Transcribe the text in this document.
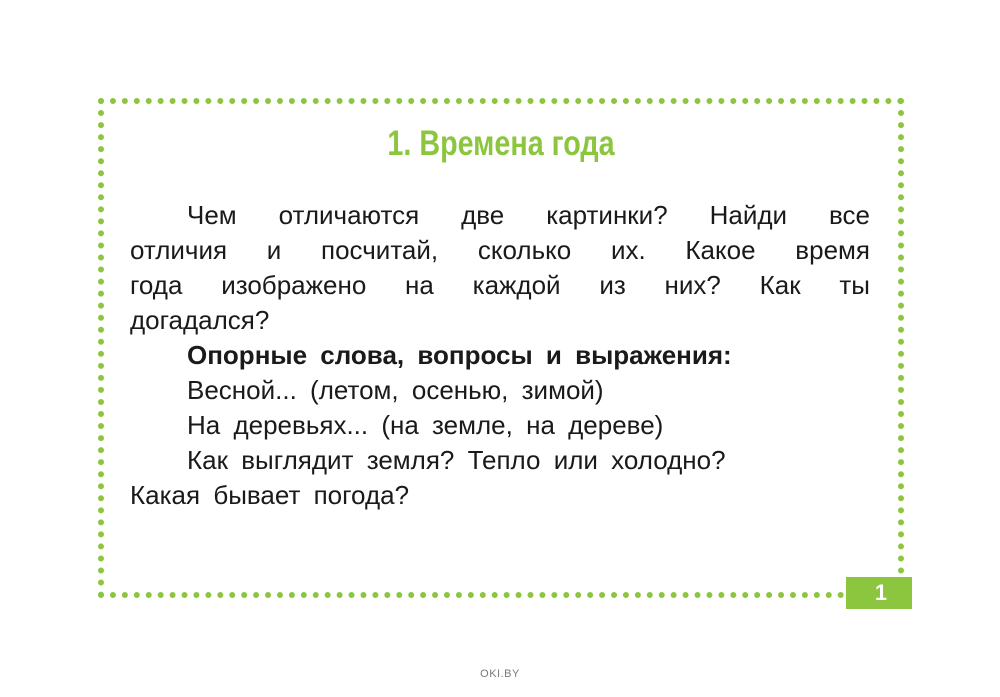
1. Времена года
Чем отличаются две картинки? Найди все
отличия и посчитай, сколько их. Какое время
года изображено на каждой из них? Как ты
догадался?
Опорные слова, вопросы и выражения:
Весной... (летом, осенью, зимой)
На деревьях... (на земле, на дереве)
Как выглядит земля? Тепло или холодно?
Какая бывает погода?
1
OKI.BY
